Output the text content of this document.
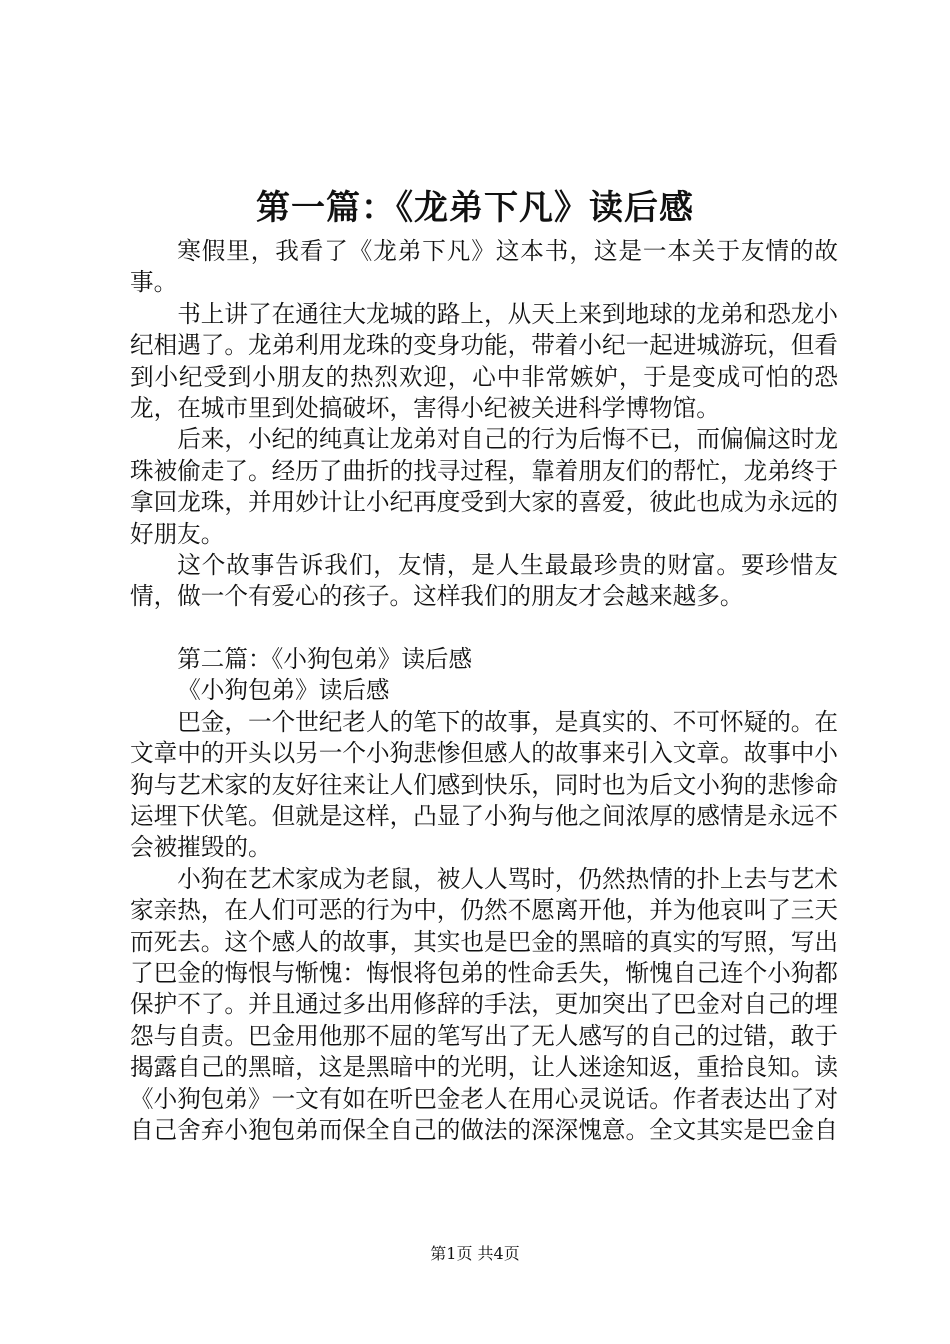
第一篇：《龙弟下凡》读后感

寒假里，我看了《龙弟下凡》这本书，这是一本关于友情的故事。

书上讲了在通往大龙城的路上，从天上来到地球的龙弟和恐龙小纪相遇了。龙弟利用龙珠的变身功能，带着小纪一起进城游玩，但看到小纪受到小朋友的热烈欢迎，心中非常嫉妒，于是变成可怕的恐龙，在城市里到处搞破坏，害得小纪被关进科学博物馆。

后来，小纪的纯真让龙弟对自己的行为后悔不已，而偏偏这时龙珠被偷走了。经历了曲折的找寻过程，靠着朋友们的帮忙，龙弟终于拿回龙珠，并用妙计让小纪再度受到大家的喜爱，彼此也成为永远的好朋友。

这个故事告诉我们，友情，是人生最最珍贵的财富。要珍惜友情，做一个有爱心的孩子。这样我们的朋友才会越来越多。

第二篇：《小狗包弟》读后感

《小狗包弟》读后感

巴金，一个世纪老人的笔下的故事，是真实的、不可怀疑的。在文章中的开头以另一个小狗悲惨但感人的故事来引入文章。故事中小狗与艺术家的友好往来让人们感到快乐，同时也为后文小狗的悲惨命运埋下伏笔。但就是这样，凸显了小狗与他之间浓厚的感情是永远不会被摧毁的。

小狗在艺术家成为老鼠，被人人骂时，仍然热情的扑上去与艺术家亲热，在人们可恶的行为中，仍然不愿离开他，并为他哀叫了三天而死去。这个感人的故事，其实也是巴金的黑暗的真实的写照，写出了巴金的悔恨与惭愧：悔恨将包弟的性命丢失，惭愧自己连个小狗都保护不了。并且通过多出用修辞的手法，更加突出了巴金对自己的埋怨与自责。巴金用他那不屈的笔写出了无人感写的自己的过错，敢于揭露自己的黑暗，这是黑暗中的光明，让人迷途知返，重拾良知。读《小狗包弟》一文有如在听巴金老人在用心灵说话。作者表达出了对自己舍弃小狍包弟而保全自己的做法的深深愧意。全文其实是巴金自

第1页 共4页
